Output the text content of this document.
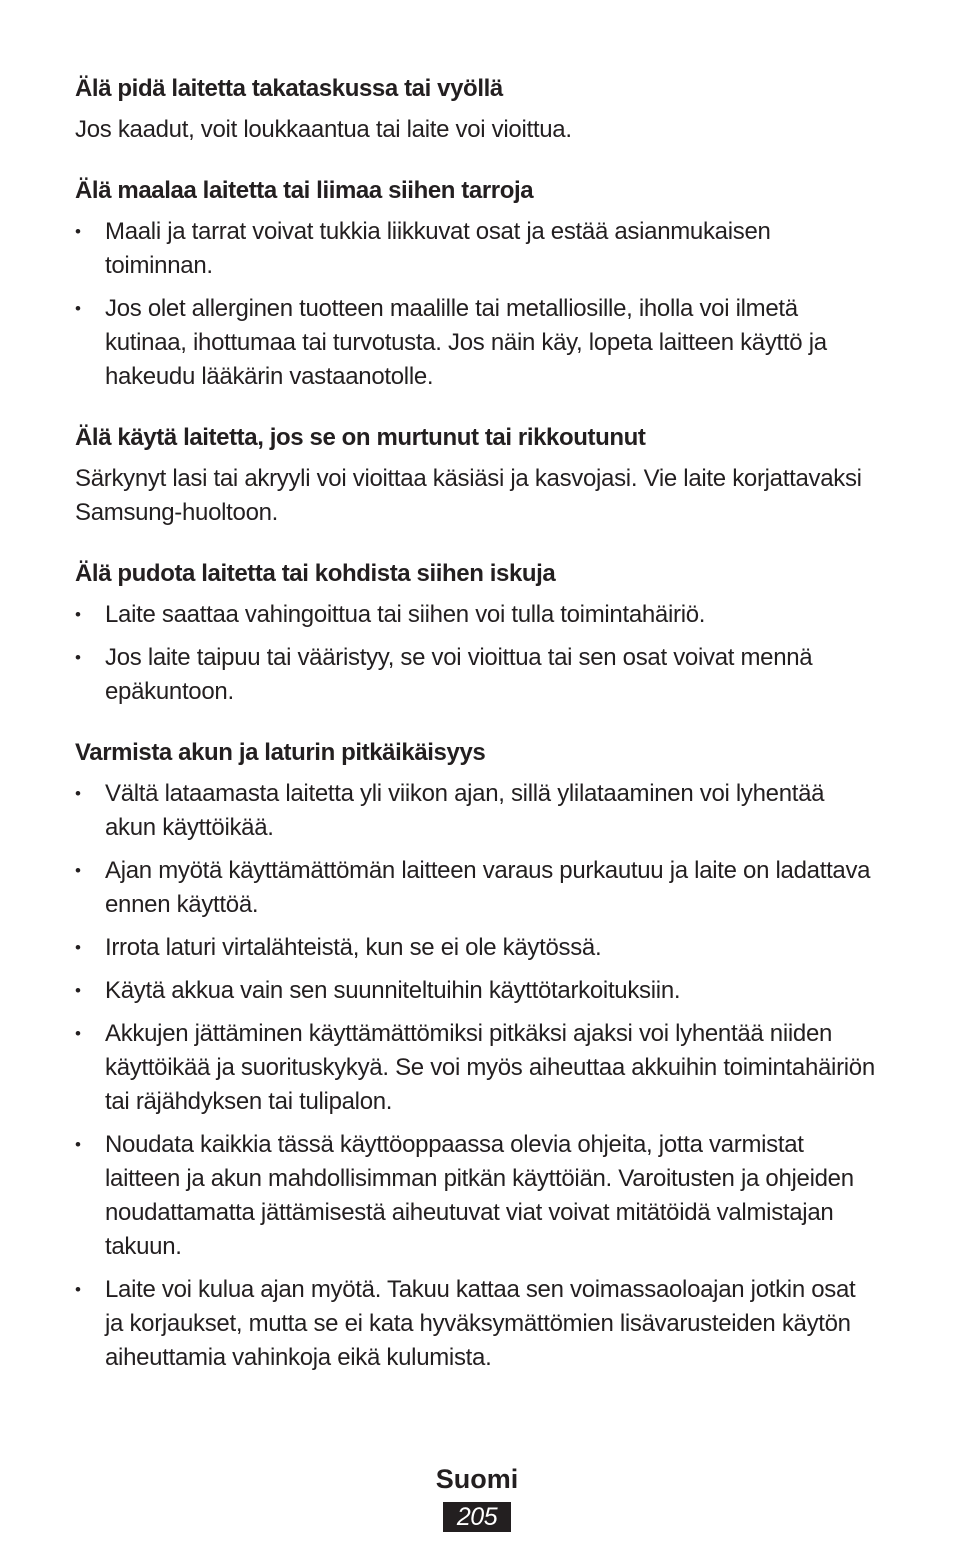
Älä pidä laitetta takataskussa tai vyöllä

Jos kaadut, voit loukkaantua tai laite voi vioittua.

Älä maalaa laitetta tai liimaa siihen tarroja
• Maali ja tarrat voivat tukkia liikkuvat osat ja estää asianmukaisen toiminnan.
• Jos olet allerginen tuotteen maalille tai metalliosille, iholla voi ilmetä kutinaa, ihottumaa tai turvotusta. Jos näin käy, lopeta laitteen käyttö ja hakeudu lääkärin vastaanotolle.
Älä käytä laitetta, jos se on murtunut tai rikkoutunut

Särkynyt lasi tai akryyli voi vioittaa käsiäsi ja kasvojasi. Vie laite korjattavaksi Samsung-huoltoon.

Älä pudota laitetta tai kohdista siihen iskuja
• Laite saattaa vahingoittua tai siihen voi tulla toimintahäiriö.
• Jos laite taipuu tai vääristyy, se voi vioittua tai sen osat voivat mennä epäkuntoon.
Varmista akun ja laturin pitkäikäisyys
• Vältä lataamasta laitetta yli viikon ajan, sillä ylilataaminen voi lyhentää akun käyttöikää.
• Ajan myötä käyttämättömän laitteen varaus purkautuu ja laite on ladattava ennen käyttöä.
• Irrota laturi virtalähteistä, kun se ei ole käytössä.
• Käytä akkua vain sen suunniteltuihin käyttötarkoituksiin.
• Akkujen jättäminen käyttämättömiksi pitkäksi ajaksi voi lyhentää niiden käyttöikää ja suorituskykyä. Se voi myös aiheuttaa akkuihin toimintahäiriön tai räjähdyksen tai tulipalon.
• Noudata kaikkia tässä käyttöoppaassa olevia ohjeita, jotta varmistat laitteen ja akun mahdollisimman pitkän käyttöiän. Varoitusten ja ohjeiden noudattamatta jättämisestä aiheutuvat viat voivat mitätöidä valmistajan takuun.
• Laite voi kulua ajan myötä. Takuu kattaa sen voimassaoloajan jotkin osat ja korjaukset, mutta se ei kata hyväksymättömien lisävarusteiden käytön aiheuttamia vahinkoja eikä kulumista.
Suomi
205
